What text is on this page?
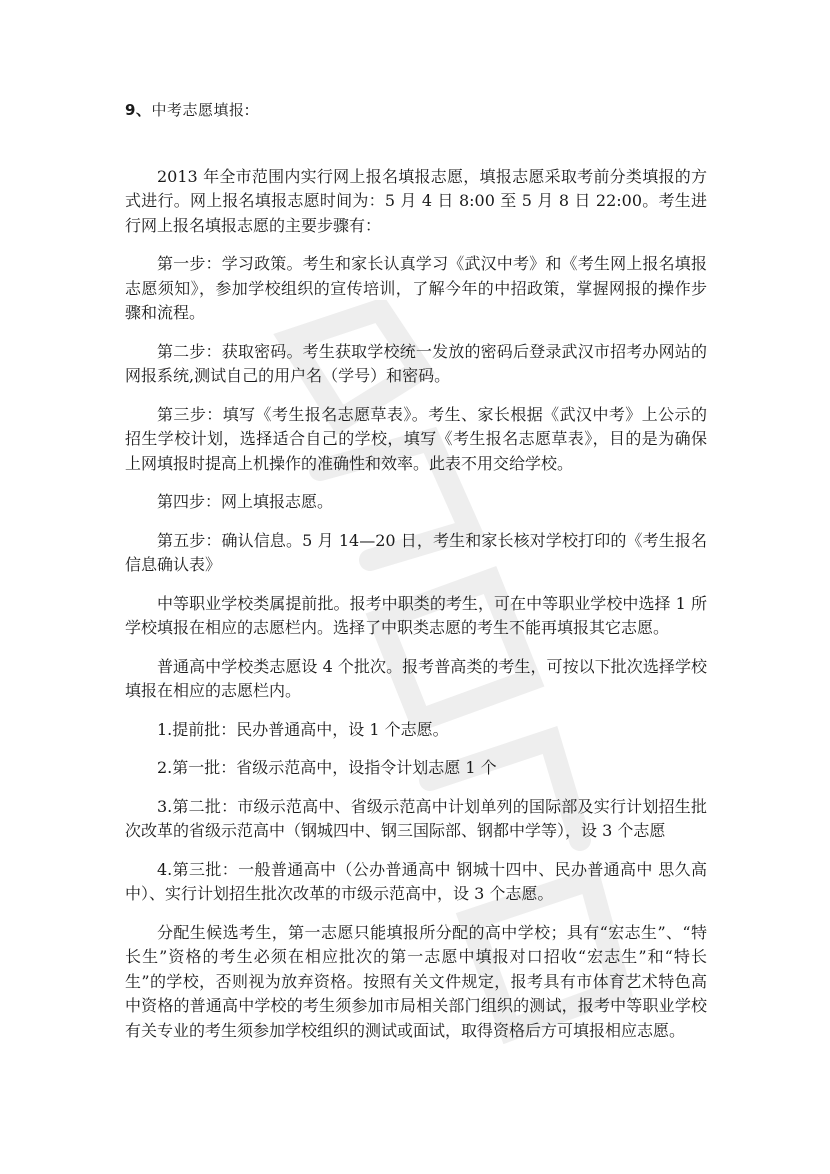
9、中考志愿填报:

2013 年全市范围内实行网上报名填报志愿，填报志愿采取考前分类填报的方式进行。网上报名填报志愿时间为：5 月 4 日 8:00 至 5 月 8 日 22:00。考生进行网上报名填报志愿的主要步骤有：

第一步：学习政策。考生和家长认真学习《武汉中考》和《考生网上报名填报志愿须知》，参加学校组织的宣传培训，了解今年的中招政策，掌握网报的操作步骤和流程。

第二步：获取密码。考生获取学校统一发放的密码后登录武汉市招考办网站的网报系统,测试自己的用户名（学号）和密码。

第三步：填写《考生报名志愿草表》。考生、家长根据《武汉中考》上公示的招生学校计划，选择适合自己的学校，填写《考生报名志愿草表》，目的是为确保上网填报时提高上机操作的准确性和效率。此表不用交给学校。

第四步：网上填报志愿。

第五步：确认信息。5 月 14—20 日，考生和家长核对学校打印的《考生报名信息确认表》

中等职业学校类属提前批。报考中职类的考生，可在中等职业学校中选择 1 所学校填报在相应的志愿栏内。选择了中职类志愿的考生不能再填报其它志愿。

普通高中学校类志愿设 4 个批次。报考普高类的考生，可按以下批次选择学校填报在相应的志愿栏内。

1.提前批：民办普通高中，设 1 个志愿。

2.第一批：省级示范高中，设指令计划志愿 1 个

3.第二批：市级示范高中、省级示范高中计划单列的国际部及实行计划招生批次改革的省级示范高中（钢城四中、钢三国际部、钢都中学等），设 3 个志愿

4.第三批：一般普通高中（公办普通高中 钢城十四中、民办普通高中 思久高中）、实行计划招生批次改革的市级示范高中，设 3 个志愿。

分配生候选考生，第一志愿只能填报所分配的高中学校；具有“宏志生”、“特长生”资格的考生必须在相应批次的第一志愿中填报对口招收“宏志生”和“特长生”的学校，否则视为放弃资格。按照有关文件规定，报考具有市体育艺术特色高中资格的普通高中学校的考生须参加市局相关部门组织的测试，报考中等职业学校有关专业的考生须参加学校组织的测试或面试，取得资格后方可填报相应志愿。
